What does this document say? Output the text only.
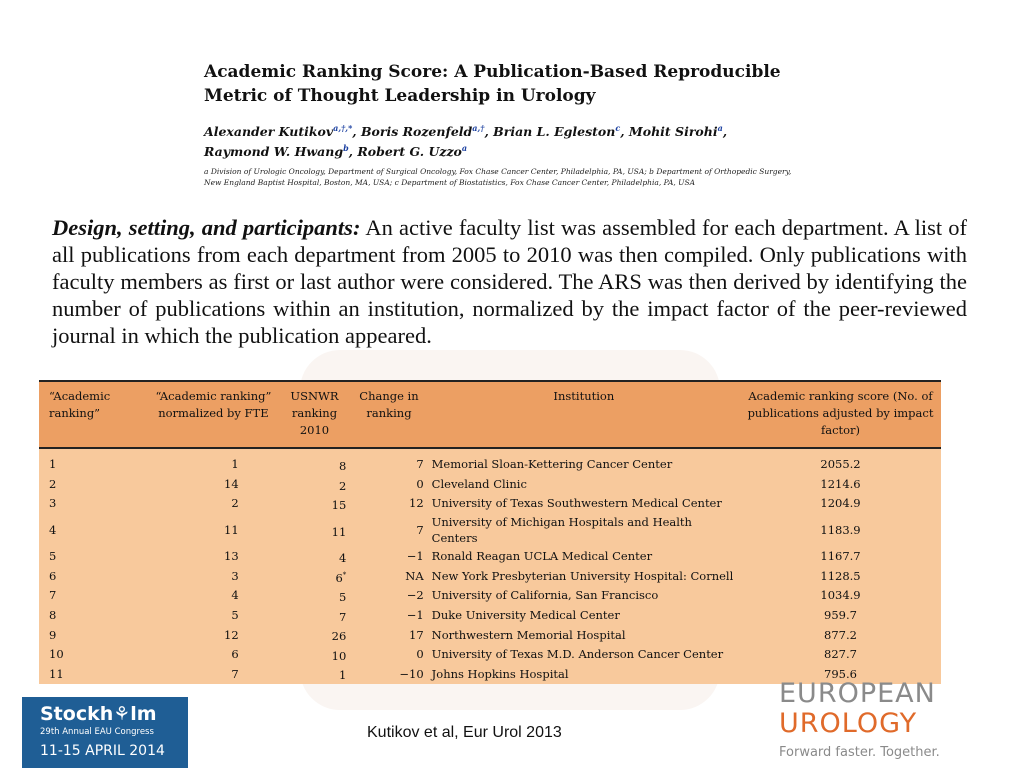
Academic Ranking Score: A Publication-Based Reproducible
Metric of Thought Leadership in Urology
Alexander Kutikov$^{a,\dagger,*}$, Boris Rozenfeld$^{a,\dagger}$, Brian L. Egleston$^c$, Mohit Sirohi$^a$,
Raymond W. Hwang$^b$, Robert G. Uzzo$^a$
a Division of Urologic Oncology, Department of Surgical Oncology, Fox Chase Cancer Center, Philadelphia, PA, USA; b Department of Orthopedic Surgery,
New England Baptist Hospital, Boston, MA, USA; c Department of Biostatistics, Fox Chase Cancer Center, Philadelphia, PA, USA
Design, setting, and participants: An active faculty list was assembled for each department. A list of all publications from each department from 2005 to 2010 was then compiled. Only publications with faculty members as first or last author were considered. The ARS was then derived by identifying the number of publications within an institution, normalized by the impact factor of the peer-reviewed journal in which the publication appeared.
“Academic ranking”	“Academic ranking” normalized by FTE	USNWR ranking 2010	Change in ranking	Institution	Academic ranking score (No. of publications adjusted by impact factor)
1	1	8	7	Memorial Sloan-Kettering Cancer Center	2055.2
2	14	2	0	Cleveland Clinic	1214.6
3	2	15	12	University of Texas Southwestern Medical Center	1204.9
4	11	11	7	University of Michigan Hospitals and Health Centers	1183.9
5	13	4	−1	Ronald Reagan UCLA Medical Center	1167.7
6	3	6*	NA	New York Presbyterian University Hospital: Cornell	1128.5
7	4	5	−2	University of California, San Francisco	1034.9
8	5	7	−1	Duke University Medical Center	959.7
9	12	26	17	Northwestern Memorial Hospital	877.2
10	6	10	0	University of Texas M.D. Anderson Cancer Center	827.7
11	7	1	−10	Johns Hopkins Hospital	795.6
Stockh⚘lm
29th Annual EAU Congress
11-15 APRIL 2014
Kutikov et al, Eur Urol 2013
EUROPEAN
UROLOGY
Forward faster. Together.
